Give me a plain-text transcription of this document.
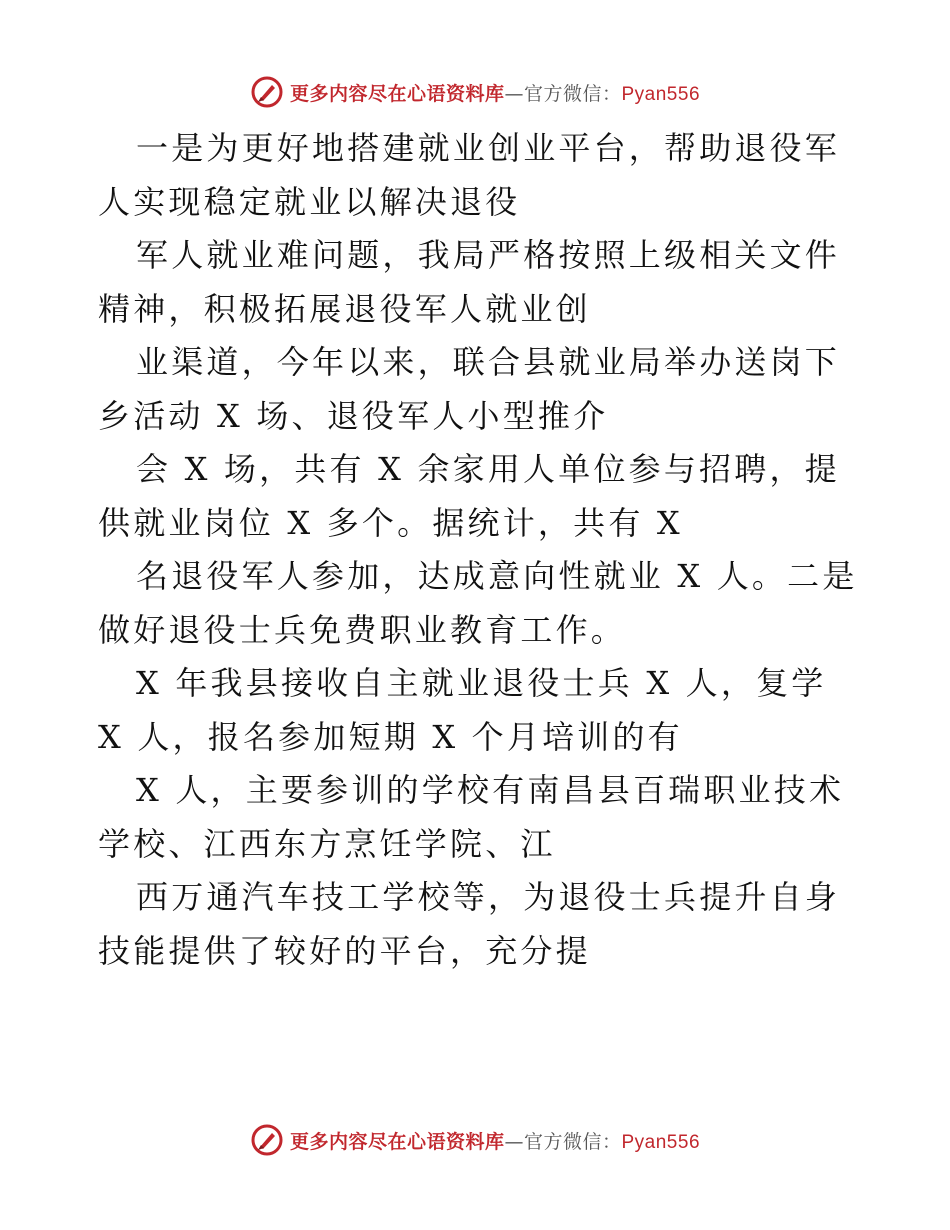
更多内容尽在心语资料库—官方微信：Pyan556

一是为更好地搭建就业创业平台，帮助退役军人实现稳定就业以解决退役

军人就业难问题，我局严格按照上级相关文件精神，积极拓展退役军人就业创

业渠道，今年以来，联合县就业局举办送岗下乡活动 X 场、退役军人小型推介

会 X 场，共有 X 余家用人单位参与招聘，提供就业岗位 X 多个。据统计，共有 X

名退役军人参加，达成意向性就业 X 人。二是做好退役士兵免费职业教育工作。

X 年我县接收自主就业退役士兵 X 人，复学 X 人，报名参加短期 X 个月培训的有

X 人，主要参训的学校有南昌县百瑞职业技术学校、江西东方烹饪学院、江

西万通汽车技工学校等，为退役士兵提升自身技能提供了较好的平台，充分提

更多内容尽在心语资料库—官方微信：Pyan556
